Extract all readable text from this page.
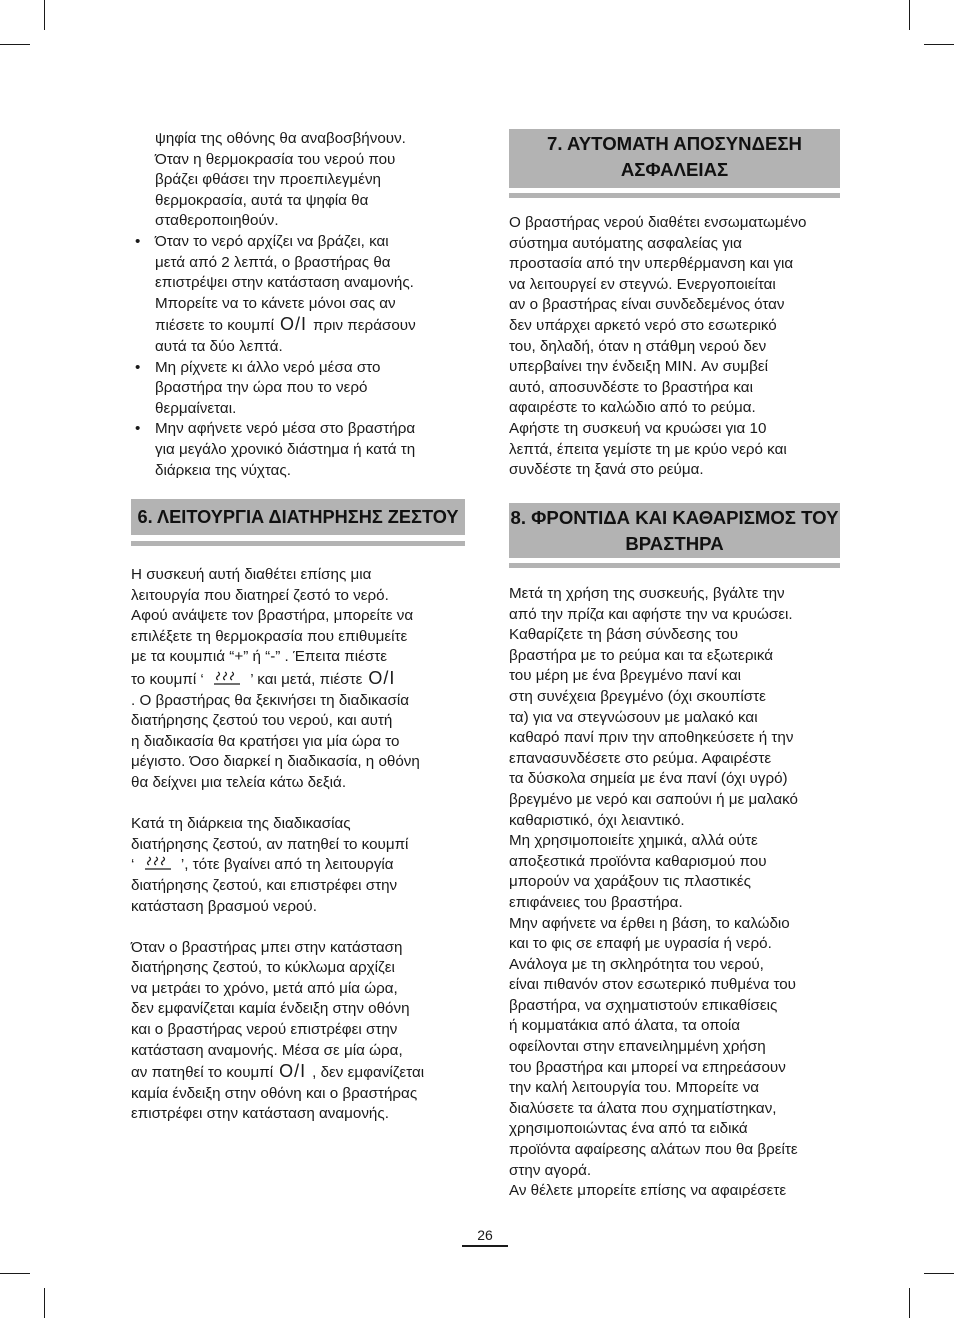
ψηφία της οθόνης θα αναβοσβήνουν.
Όταν η θερμοκρασία του νερού που
βράζει φθάσει την προεπιλεγμένη
θερμοκρασία, αυτά τα ψηφία θα
σταθεροποιηθούν.
• Όταν το νερό αρχίζει να βράζει, και
μετά από 2 λεπτά, ο βραστήρας θα
επιστρέψει στην κατάσταση αναμονής.
Μπορείτε να το κάνετε μόνοι σας αν
πιέσετε το κουμπί O/I πριν περάσουν
αυτά τα δύο λεπτά.
• Μη ρίχνετε κι άλλο νερό μέσα στο
βραστήρα την ώρα που το νερό
θερμαίνεται.
• Μην αφήνετε νερό μέσα στο βραστήρα
για μεγάλο χρονικό διάστημα ή κατά τη
διάρκεια της νύχτας.
6. ΛΕΙΤΟΥΡΓΙΑ ΔΙΑΤΗΡΗΣΗΣ ΖΕΣΤΟΥ
Η συσκευή αυτή διαθέτει επίσης μια
λειτουργία που διατηρεί ζεστό το νερό.
Αφού ανάψετε τον βραστήρα, μπορείτε να
επιλέξετε τη θερμοκρασία που επιθυμείτε
με τα κουμπιά “+” ή “-” . Έπειτα πιέστε
το κουμπί ‘	’ και μετά, πιέστε O/I
. Ο βραστήρας θα ξεκινήσει τη διαδικασία
διατήρησης ζεστού του νερού, και αυτή
η διαδικασία θα κρατήσει για μία ώρα το
μέγιστο. Όσο διαρκεί η διαδικασία, η οθόνη
θα δείχνει μια τελεία κάτω δεξιά.
Κατά τη διάρκεια της διαδικασίας
διατήρησης ζεστού, αν πατηθεί το κουμπί
‘	’, τότε βγαίνει από τη λειτουργία
διατήρησης ζεστού, και επιστρέφει στην
κατάσταση βρασμού νερού.
Όταν ο βραστήρας μπει στην κατάσταση
διατήρησης ζεστού, το κύκλωμα αρχίζει
να μετράει το χρόνο, μετά από μία ώρα,
δεν εμφανίζεται καμία ένδειξη στην οθόνη
και ο βραστήρας νερού επιστρέφει στην
κατάσταση αναμονής. Μέσα σε μία ώρα,
αν πατηθεί το κουμπί O/I , δεν εμφανίζεται
καμία ένδειξη στην οθόνη και ο βραστήρας
επιστρέφει στην κατάσταση αναμονής.
7. ΑΥΤΟΜΑΤΗ ΑΠΟΣΥΝΔΕΣΗ
ΑΣΦΑΛΕΙΑΣ
Ο βραστήρας νερού διαθέτει ενσωματωμένο
σύστημα αυτόματης ασφαλείας για
προστασία από την υπερθέρμανση και για
να λειτουργεί εν στεγνώ. Ενεργοποιείται
αν ο βραστήρας είναι συνδεδεμένος όταν
δεν υπάρχει αρκετό νερό στο εσωτερικό
του, δηλαδή, όταν η στάθμη νερού δεν
υπερβαίνει την ένδειξη MIN. Αν συμβεί
αυτό, αποσυνδέστε το βραστήρα και
αφαιρέστε το καλώδιο από το ρεύμα.
Αφήστε τη συσκευή να κρυώσει για 10
λεπτά, έπειτα γεμίστε τη με κρύο νερό και
συνδέστε τη ξανά στο ρεύμα.
8. ΦΡΟΝΤΙΔΑ ΚΑΙ ΚΑΘΑΡΙΣΜΟΣ ΤΟΥ
ΒΡΑΣΤΗΡΑ
Μετά τη χρήση της συσκευής, βγάλτε την
από την πρίζα και αφήστε την να κρυώσει.
Καθαρίζετε τη βάση σύνδεσης του
βραστήρα με το ρεύμα και τα εξωτερικά
του μέρη με ένα βρεγμένο πανί και
στη συνέχεια βρεγμένο (όχι σκουπίστε
τα) για να στεγνώσουν με μαλακό και
καθαρό πανί πριν την αποθηκεύσετε ή την
επανασυνδέσετε στο ρεύμα. Αφαιρέστε
τα δύσκολα σημεία με ένα πανί (όχι υγρό)
βρεγμένο με νερό και σαπούνι ή με μαλακό
καθαριστικό, όχι λειαντικό.
Μη χρησιμοποιείτε χημικά, αλλά ούτε
αποξεστικά προϊόντα καθαρισμού που
μπορούν να χαράξουν τις πλαστικές
επιφάνειες του βραστήρα.
Μην αφήνετε να έρθει η βάση, το καλώδιο
και το φις σε επαφή με υγρασία ή νερό.
Ανάλογα με τη σκληρότητα του νερού,
είναι πιθανόν στον εσωτερικό πυθμένα του
βραστήρα, να σχηματιστούν επικαθίσεις
ή κομματάκια από άλατα, τα οποία
οφείλονται στην επανειλημμένη χρήση
του βραστήρα και μπορεί να επηρεάσουν
την καλή λειτουργία του. Μπορείτε να
διαλύσετε τα άλατα που σχηματίστηκαν,
χρησιμοποιώντας ένα από τα ειδικά
προϊόντα αφαίρεσης αλάτων που θα βρείτε
στην αγορά.
Αν θέλετε μπορείτε επίσης να αφαιρέσετε
26
